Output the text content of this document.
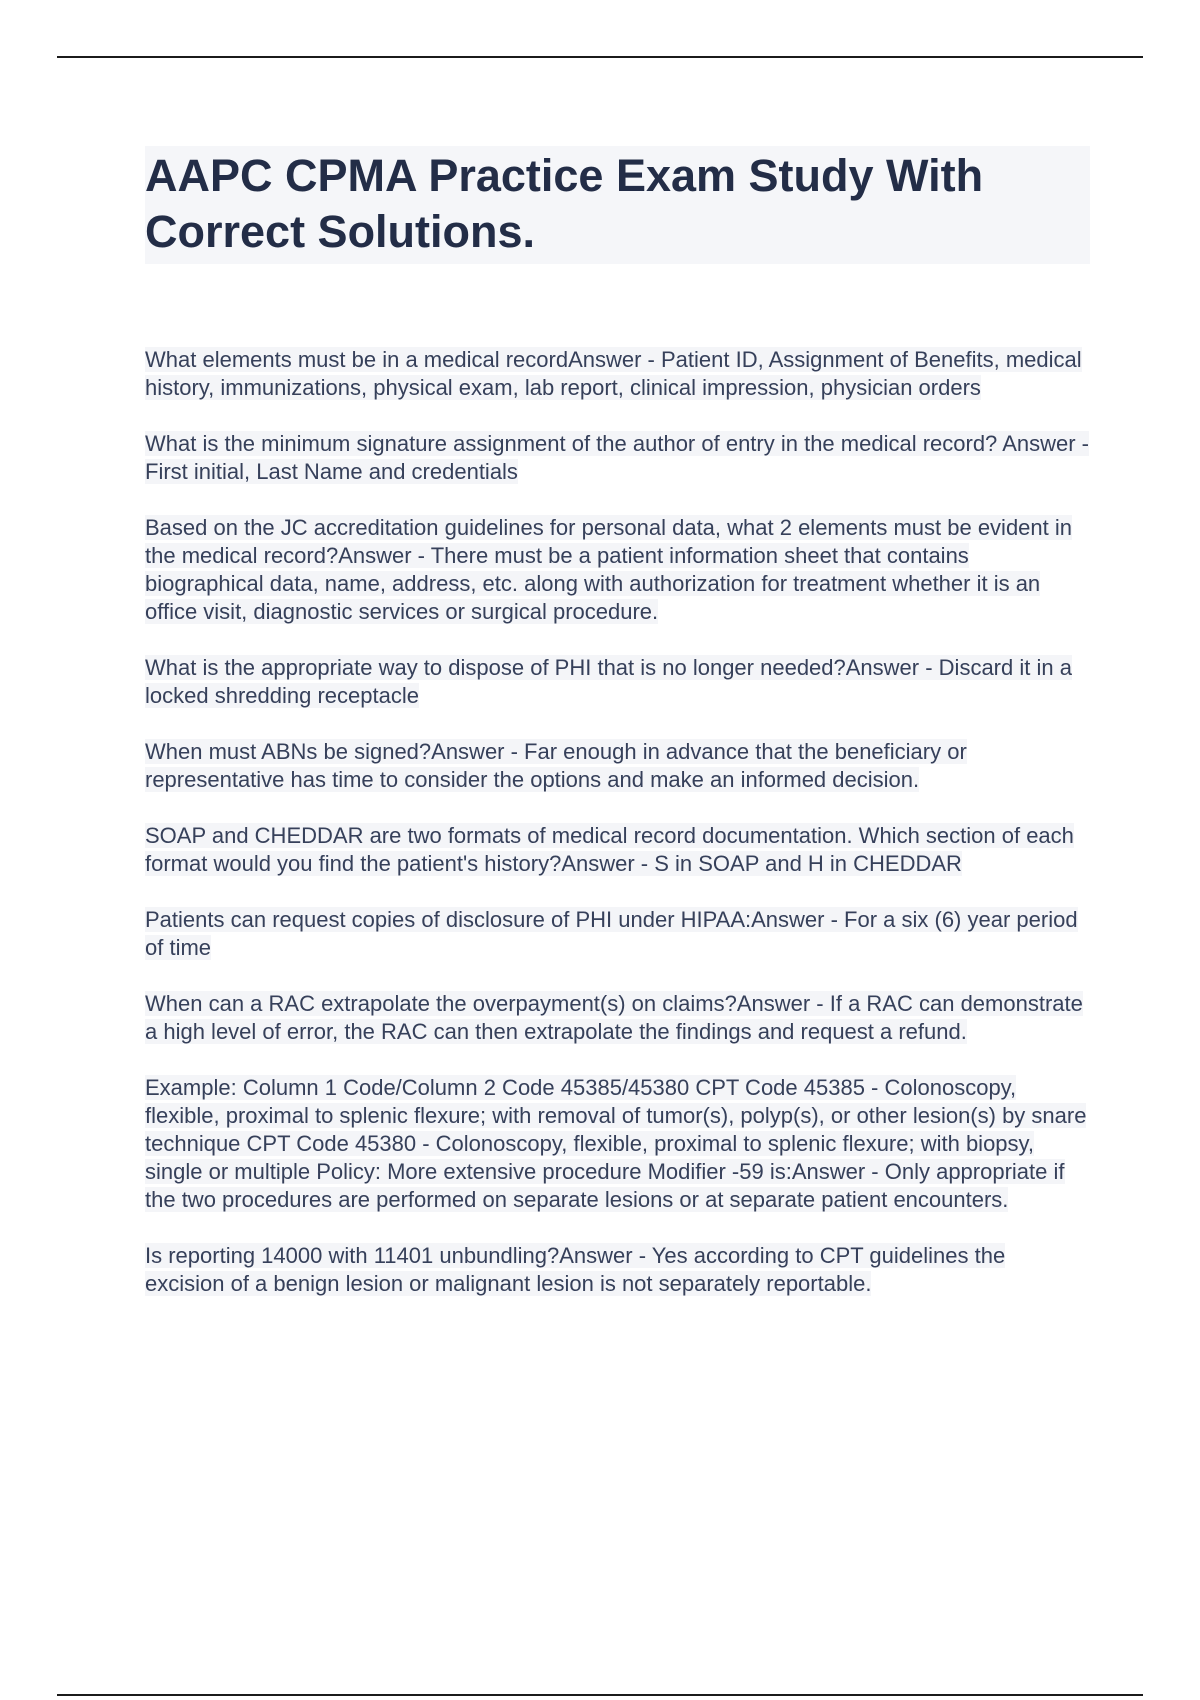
AAPC CPMA Practice Exam Study With Correct Solutions.

What elements must be in a medical recordAnswer - Patient ID, Assignment of Benefits, medical history, immunizations, physical exam, lab report, clinical impression, physician orders

What is the minimum signature assignment of the author of entry in the medical record? Answer - First initial, Last Name and credentials

Based on the JC accreditation guidelines for personal data, what 2 elements must be evident in the medical record?Answer - There must be a patient information sheet that contains biographical data, name, address, etc. along with authorization for treatment whether it is an office visit, diagnostic services or surgical procedure.

What is the appropriate way to dispose of PHI that is no longer needed?Answer - Discard it in a locked shredding receptacle

When must ABNs be signed?Answer - Far enough in advance that the beneficiary or representative has time to consider the options and make an informed decision.

SOAP and CHEDDAR are two formats of medical record documentation. Which section of each format would you find the patient's history?Answer - S in SOAP and H in CHEDDAR

Patients can request copies of disclosure of PHI under HIPAA:Answer - For a six (6) year period of time

When can a RAC extrapolate the overpayment(s) on claims?Answer - If a RAC can demonstrate a high level of error, the RAC can then extrapolate the findings and request a refund.

Example: Column 1 Code/Column 2 Code 45385/45380 CPT Code 45385 - Colonoscopy, flexible, proximal to splenic flexure; with removal of tumor(s), polyp(s), or other lesion(s) by snare technique CPT Code 45380 - Colonoscopy, flexible, proximal to splenic flexure; with biopsy, single or multiple Policy: More extensive procedure Modifier -59 is:Answer - Only appropriate if the two procedures are performed on separate lesions or at separate patient encounters.

Is reporting 14000 with 11401 unbundling?Answer - Yes according to CPT guidelines the excision of a benign lesion or malignant lesion is not separately reportable.
